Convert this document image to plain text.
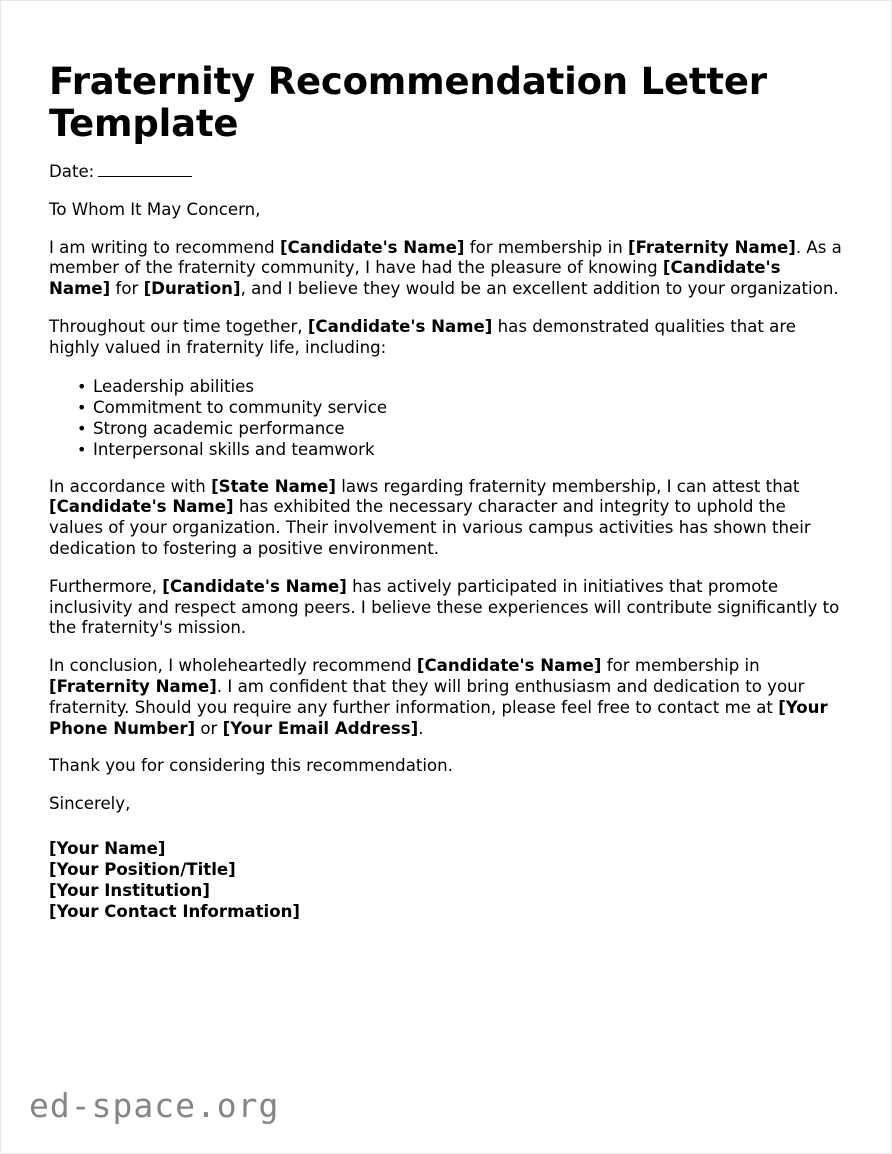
Fraternity Recommendation Letter Template

Date:

To Whom It May Concern,

I am writing to recommend [Candidate's Name] for membership in [Fraternity Name]. As a member of the fraternity community, I have had the pleasure of knowing [Candidate's Name] for [Duration], and I believe they would be an excellent addition to your organization.

Throughout our time together, [Candidate's Name] has demonstrated qualities that are highly valued in fraternity life, including:

• Leadership abilities
• Commitment to community service
• Strong academic performance
• Interpersonal skills and teamwork

In accordance with [State Name] laws regarding fraternity membership, I can attest that [Candidate's Name] has exhibited the necessary character and integrity to uphold the values of your organization. Their involvement in various campus activities has shown their dedication to fostering a positive environment.

Furthermore, [Candidate's Name] has actively participated in initiatives that promote inclusivity and respect among peers. I believe these experiences will contribute significantly to the fraternity's mission.

In conclusion, I wholeheartedly recommend [Candidate's Name] for membership in [Fraternity Name]. I am confident that they will bring enthusiasm and dedication to your fraternity. Should you require any further information, please feel free to contact me at [Your Phone Number] or [Your Email Address].

Thank you for considering this recommendation.

Sincerely,

[Your Name]
[Your Position/Title]
[Your Institution]
[Your Contact Information]
ed-space.org
